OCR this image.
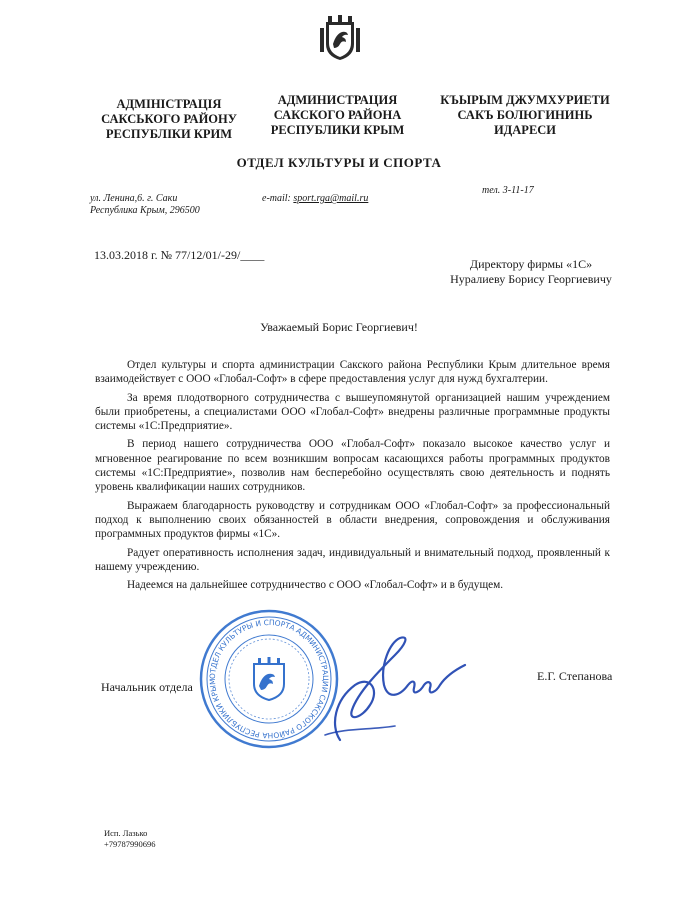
АДМІНІСТРАЦІЯ
САКСЬКОГО РАЙОНУ
РЕСПУБЛІКИ КРИМ
АДМИНИСТРАЦИЯ
САКСКОГО РАЙОНА
РЕСПУБЛИКИ КРЫМ
КЪЫРЫМ ДЖУМХУРИЕТИ
САКЪ БОЛЮГИНИНЬ
ИДАРЕСИ
ОТДЕЛ КУЛЬТУРЫ И СПОРТА
ул. Ленина,6. г. Саки
Республика Крым, 296500
e-mail: sport.rga@mail.ru
тел. 3-11-17
13.03.2018 г. № 77/12/01/-29/____
Директору фирмы «1С»
Нуралиеву Борису Георгиевичу
Уважаемый Борис Георгиевич!

Отдел культуры и спорта администрации Сакского района Республики Крым длительное время взаимодействует с ООО «Глобал-Софт» в сфере предоставления услуг для нужд бухгалтерии.

За время плодотворного сотрудничества с вышеупомянутой организацией нашим учреждением были приобретены, а специалистами ООО «Глобал-Софт» внедрены различные программные продукты системы «1С:Предприятие».

В период нашего сотрудничества ООО «Глобал-Софт» показало высокое качество услуг и мгновенное реагирование по всем возникшим вопросам касающихся работы программных продуктов системы «1С:Предприятие», позволив нам бесперебойно осуществлять свою деятельность и поднять уровень квалификации наших сотрудников.

Выражаем благодарность руководству и сотрудникам ООО «Глобал-Софт» за профессиональный подход к выполнению своих обязанностей в области внедрения, сопровождения и обслуживания программных продуктов фирмы «1С».

Радует оперативность исполнения задач, индивидуальный и внимательный подход, проявленный к нашему учреждению.

Надеемся на дальнейшее сотрудничество с ООО «Глобал-Софт» и в будущем.

ОТДЕЛ КУЛЬТУРЫ И СПОРТА АДМИНИСТРАЦИИ САКСКОГО РАЙОНА РЕСПУБЛИКИ КРЫМ
Начальник отдела
Е.Г. Степанова
Исп. Лазько
+79787990696
